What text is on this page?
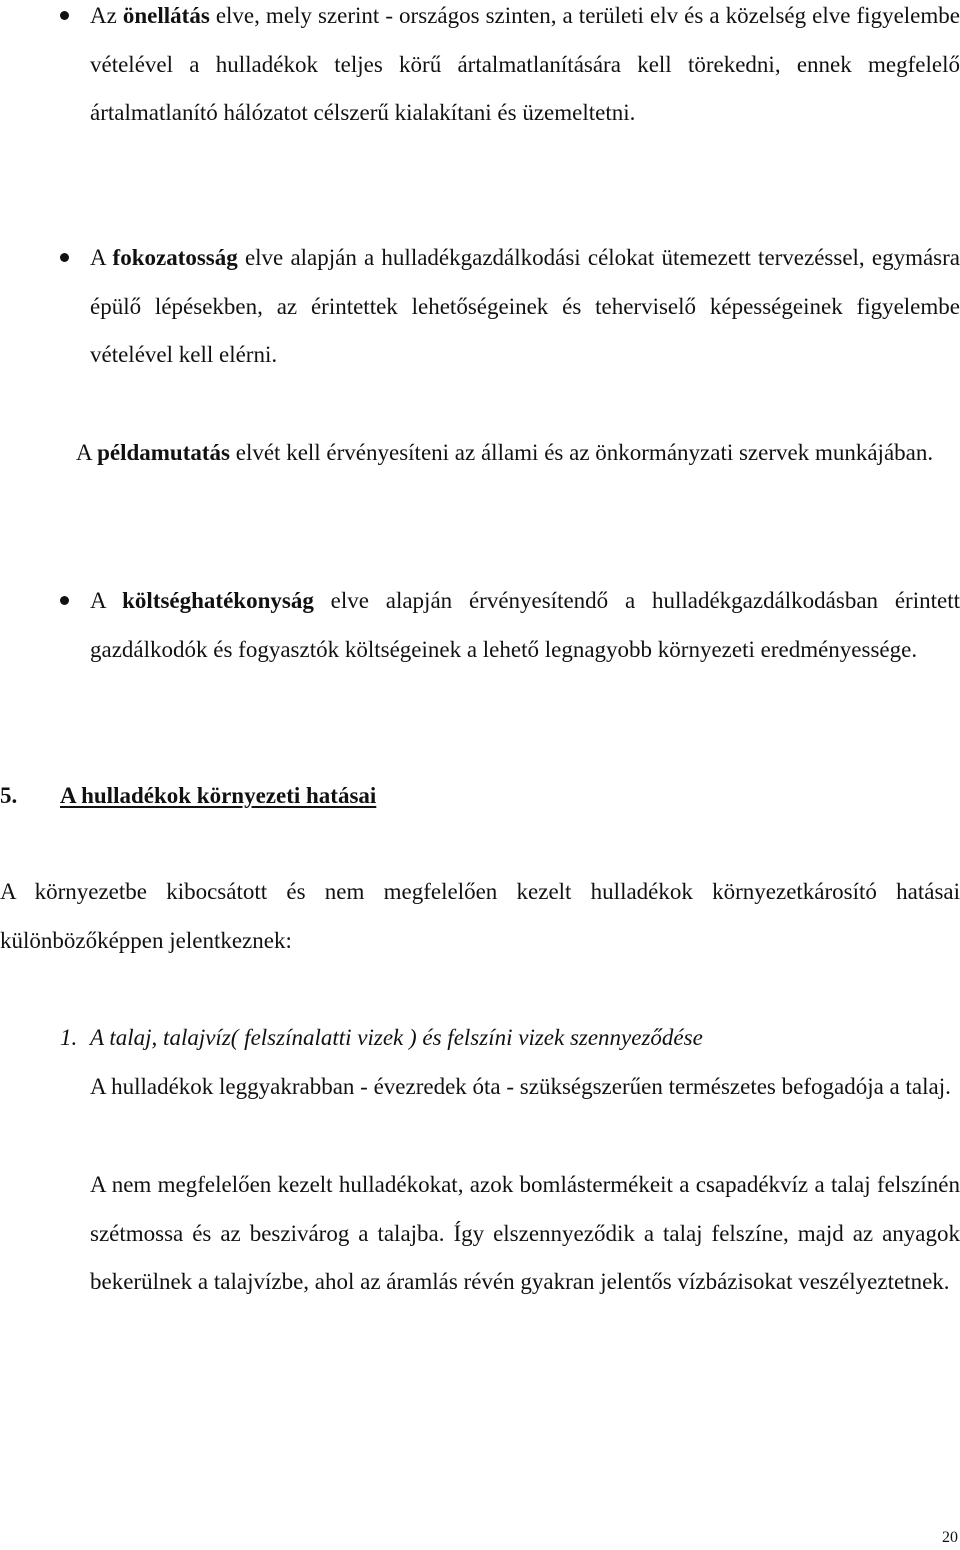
Az önellátás elve, mely szerint - országos szinten, a területi elv és a közelség elve figyelembe vételével a hulladékok teljes körű ártalmatlanítására kell törekedni, ennek megfelelő ártalmatlanító hálózatot célszerű kialakítani és üzemeltetni.
A fokozatosság elve alapján a hulladékgazdálkodási célokat ütemezett tervezéssel, egymásra épülő lépésekben, az érintettek lehetőségeinek és teherviselő képességeinek figyelembe vételével kell elérni.
A példamutatás elvét kell érvényesíteni az állami és az önkormányzati szervek munkájában.
A költséghatékonyság elve alapján érvényesítendő a hulladékgazdálkodásban érintett gazdálkodók és fogyasztók költségeinek a lehető legnagyobb környezeti eredményessége.
5. A hulladékok környezeti hatásai
A környezetbe kibocsátott és nem megfelelően kezelt hulladékok környezetkárosító hatásai különbözőképpen jelentkeznek:
1. A talaj, talajvíz( felszínalatti vizek ) és felszíni vizek szennyeződése
A hulladékok leggyakrabban - évezredek óta - szükségszerűen természetes befogadója a talaj.
A nem megfelelően kezelt hulladékokat, azok bomlástermékeit a csapadékvíz a talaj felszínén szétmossa és az beszivárog a talajba. Így elszennyeződik a talaj felszíne, majd az anyagok bekerülnek a talajvízbe, ahol az áramlás révén gyakran jelentős vízbázisokat veszélyeztetnek.
20
